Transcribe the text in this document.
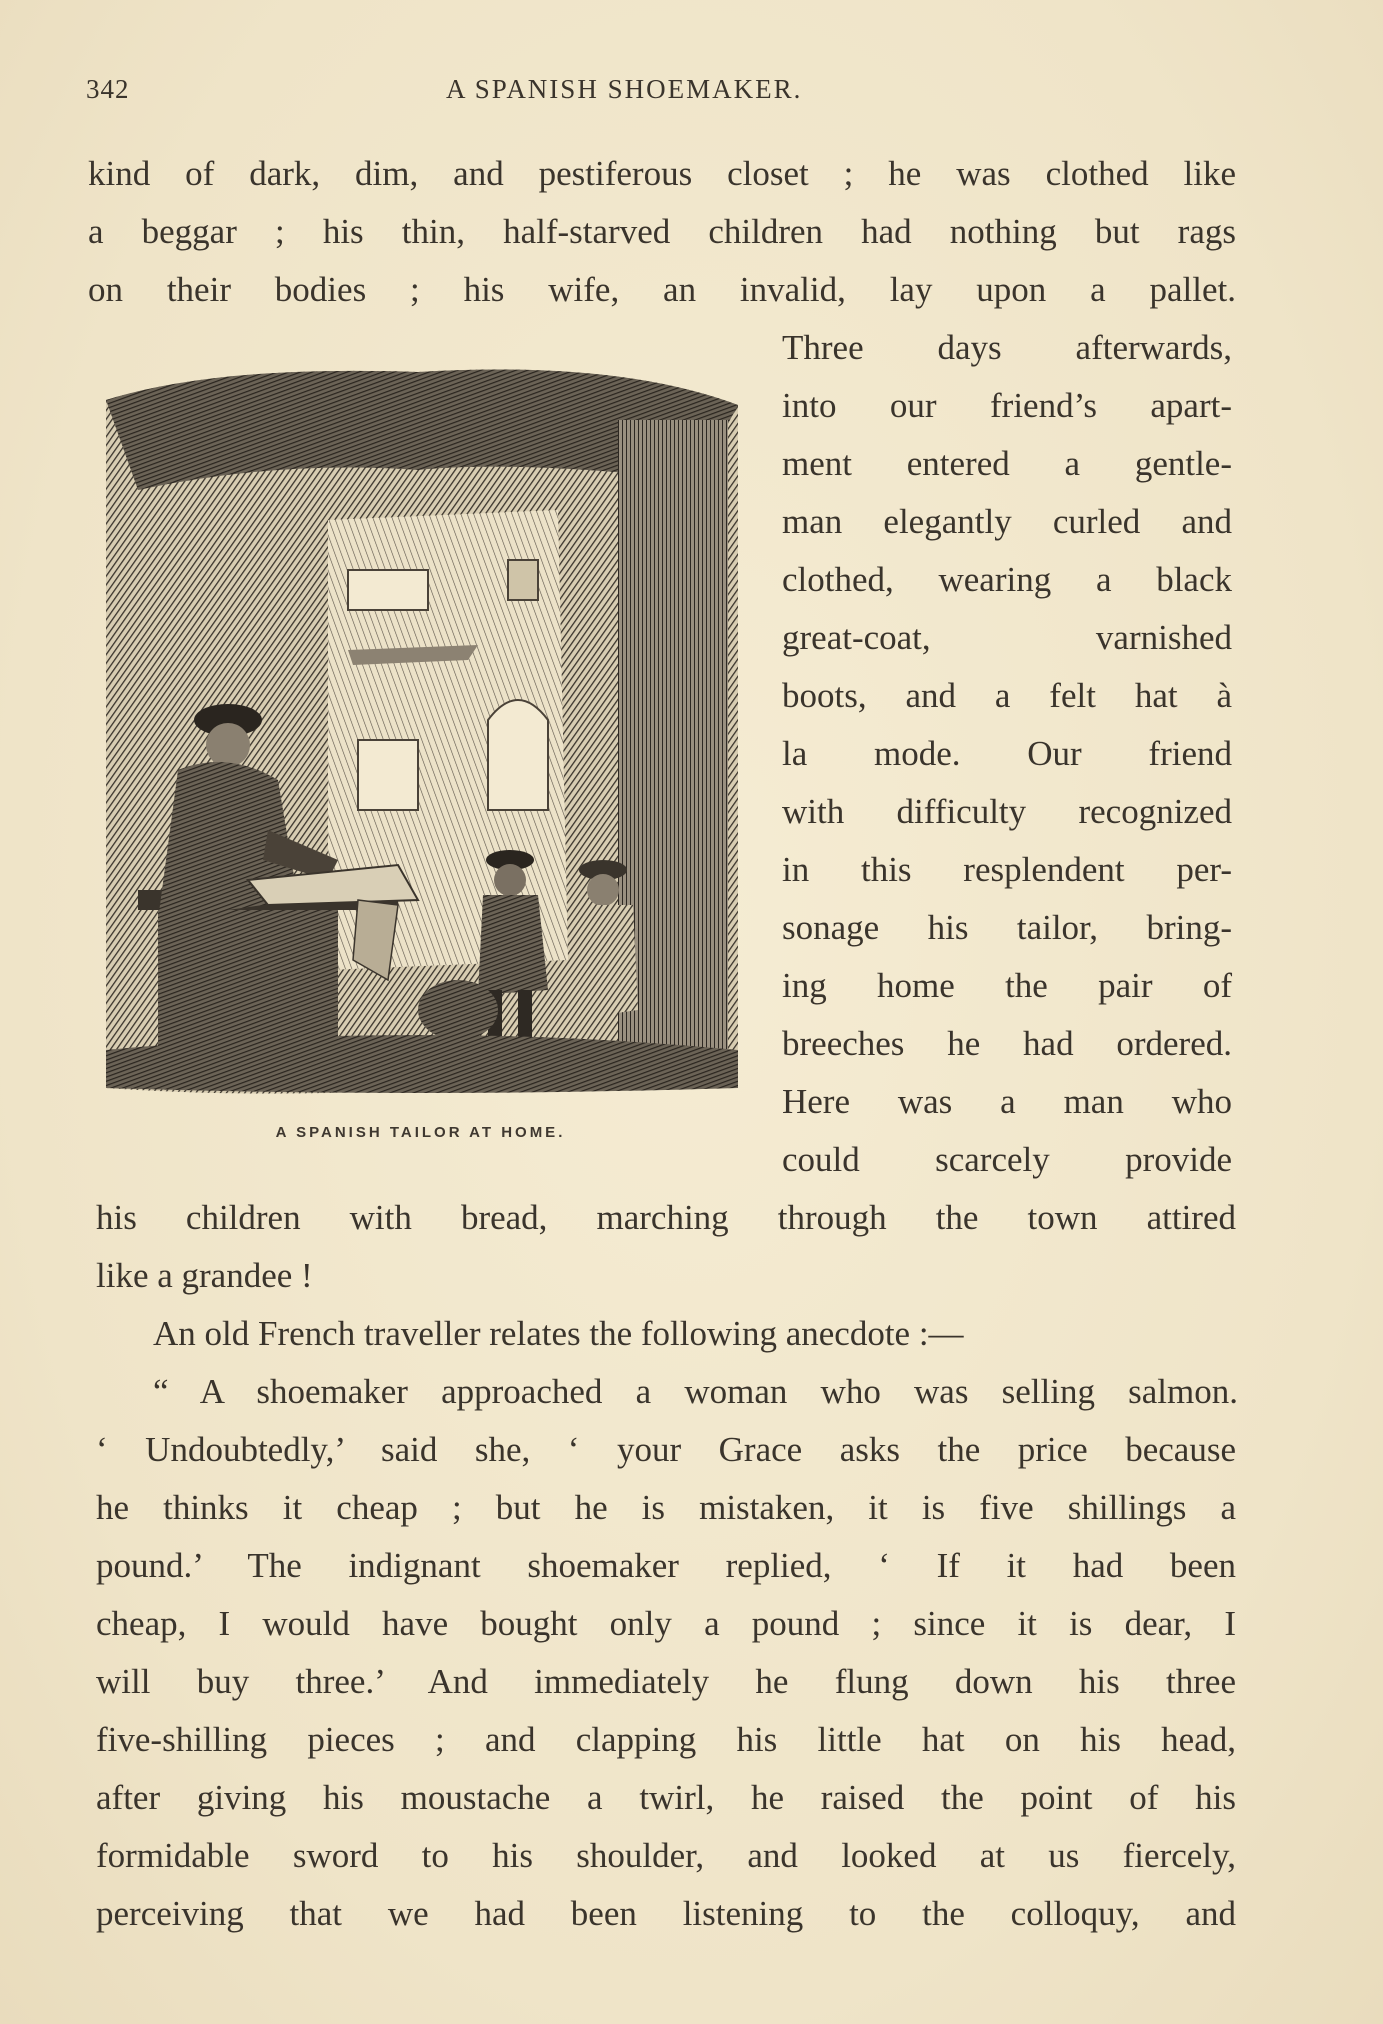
342	A SPANISH SHOEMAKER.
kind of dark, dim, and pestiferous closet ; he was clothed like
a beggar ; his thin, half-starved children had nothing but rags
on their bodies ; his wife, an invalid, lay upon a pallet.
Three days afterwards,
into our friend’s apart-
ment entered a gentle-
man elegantly curled and
clothed, wearing a black
great-coat, varnished
boots, and a felt hat à
la mode. Our friend
with difficulty recognized
in this resplendent per-
sonage his tailor, bring-
ing home the pair of
breeches he had ordered.
Here was a man who
could scarcely provide
A SPANISH TAILOR AT HOME.
his children with bread, marching through the town attired
like a grandee !
An old French traveller relates the following anecdote :—
“ A shoemaker approached a woman who was selling salmon.
‘ Undoubtedly,’ said she, ‘ your Grace asks the price because
he thinks it cheap ; but he is mistaken, it is five shillings a
pound.’ The indignant shoemaker replied, ‘ If it had been
cheap, I would have bought only a pound ; since it is dear, I
will buy three.’ And immediately he flung down his three
five-shilling pieces ; and clapping his little hat on his head,
after giving his moustache a twirl, he raised the point of his
formidable sword to his shoulder, and looked at us fiercely,
perceiving that we had been listening to the colloquy, and
